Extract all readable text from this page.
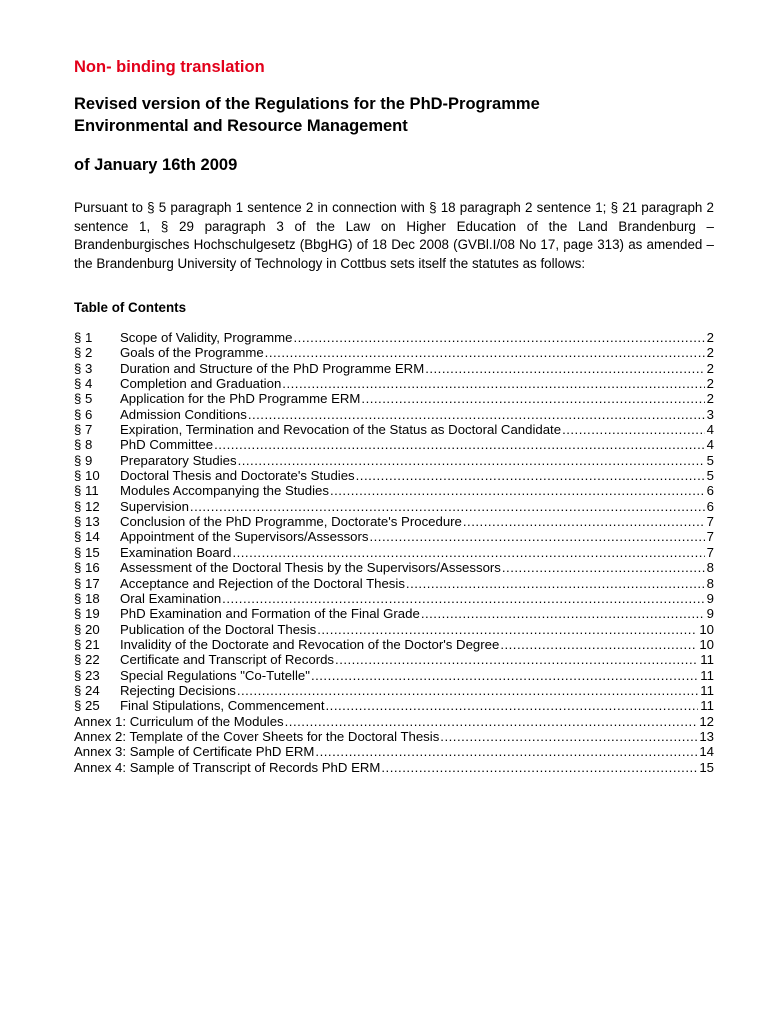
Non- binding translation
Revised version of the Regulations for the PhD-Programme
Environmental and Resource Management
of January 16th 2009
Pursuant to § 5 paragraph 1 sentence 2 in connection with § 18 paragraph 2 sentence 1; § 21 paragraph 2 sentence 1, § 29 paragraph 3 of the Law on Higher Education of the Land Brandenburg – Brandenburgisches Hochschulgesetz (BbgHG) of 18 Dec 2008 (GVBl.I/08 No 17, page 313) as amended – the Brandenburg University of Technology in Cottbus sets itself the statutes as follows:
Table of Contents
§ 1	Scope of Validity, Programme .....	2
§ 2	Goals of the Programme .....	2
§ 3	Duration and Structure of the PhD Programme ERM .....	2
§ 4	Completion and Graduation .....	2
§ 5	Application for the PhD Programme ERM .....	2
§ 6	Admission Conditions .....	3
§ 7	Expiration, Termination and Revocation of the Status as Doctoral Candidate .....	4
§ 8	PhD Committee .....	4
§ 9	Preparatory Studies .....	5
§ 10	Doctoral Thesis and Doctorate's Studies .....	5
§ 11	Modules Accompanying the Studies .....	6
§ 12	Supervision .....	6
§ 13	Conclusion of the PhD Programme, Doctorate's Procedure .....	7
§ 14	Appointment of the Supervisors/Assessors .....	7
§ 15	Examination Board .....	7
§ 16	Assessment of the Doctoral Thesis by the Supervisors/Assessors .....	8
§ 17	Acceptance and Rejection of the Doctoral Thesis .....	8
§ 18	Oral Examination .....	9
§ 19	PhD Examination and Formation of the Final Grade .....	9
§ 20	Publication of the Doctoral Thesis .....	10
§ 21	Invalidity of the Doctorate and Revocation of the Doctor's Degree .....	10
§ 22	Certificate and Transcript of Records .....	11
§ 23	Special Regulations "Co-Tutelle" .....	11
§ 24	Rejecting Decisions .....	11
§ 25	Final Stipulations, Commencement .....	11
Annex 1: Curriculum of the Modules .....	12
Annex 2: Template of the Cover Sheets for the Doctoral Thesis .....	13
Annex 3: Sample of Certificate PhD ERM .....	14
Annex 4: Sample of Transcript of Records PhD ERM .....	15
